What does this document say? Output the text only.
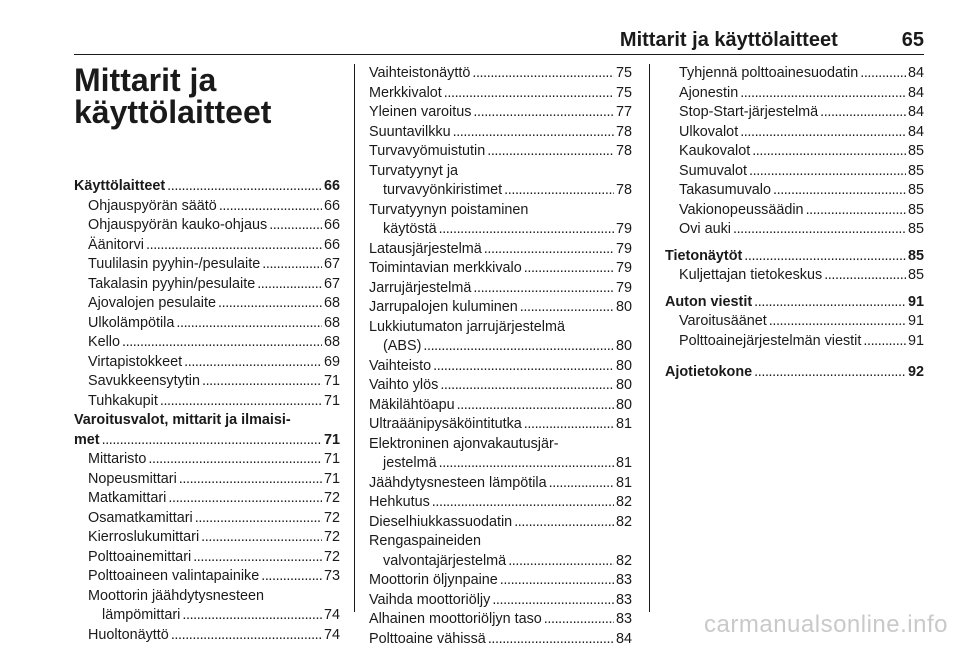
Mittarit ja käyttölaitteet	65
Mittarit ja
käyttölaitteet
Käyttölaitteet . . .	66
Ohjauspyörän säätö . . .	66
Ohjauspyörän kauko-ohjaus . . .	66
Äänitorvi . . .	66
Tuulilasin pyyhin-/pesulaite . . .	67
Takalasin pyyhin/pesulaite . . .	67
Ajovalojen pesulaite . . .	68
Ulkolämpötila . . .	68
Kello . . .	68
Virtapistokkeet . . .	69
Savukkeensytytin . . .	71
Tuhkakupit . . .	71
Varoitusvalot, mittarit ja ilmaisi-
met . . .	71
Mittaristo . . .	71
Nopeusmittari . . .	71
Matkamittari . . .	72
Osamatkamittari . . .	72
Kierroslukumittari . . .	72
Polttoainemittari . . .	72
Polttoaineen valintapainike . . .	73
Moottorin jäähdytysnesteen
lämpömittari . . .	74
Huoltonäyttö . . .	74
Vaihteistonäyttö . . .	75
Merkkivalot . . .	75
Yleinen varoitus . . .	77
Suuntavilkku . . .	78
Turvavyömuistutin . . .	78
Turvatyynyt ja
turvavyönkiristimet . . .	78
Turvatyynyn poistaminen
käytöstä . . .	79
Latausjärjestelmä . . .	79
Toimintavian merkkivalo . . .	79
Jarrujärjestelmä . . .	79
Jarrupalojen kuluminen . . .	80
Lukkiutumaton jarrujärjestelmä
(ABS) . . .	80
Vaihteisto . . .	80
Vaihto ylös . . .	80
Mäkilähtöapu . . .	80
Ultraäänipysäköintitutka . . .	81
Elektroninen ajonvakautusjär-
jestelmä . . .	81
Jäähdytysnesteen lämpötila . . .	81
Hehkutus . . .	82
Dieselhiukkassuodatin . . .	82
Rengaspaineiden
valvontajärjestelmä . . .	82
Moottorin öljynpaine . . .	83
Vaihda moottoriöljy . . .	83
Alhainen moottoriöljyn taso . . .	83
Polttoaine vähissä . . .	84
Tyhjennä polttoainesuodatin . . .	84
Ajonestin . . .	84
Stop-Start-järjestelmä . . .	84
Ulkovalot . . .	84
Kaukovalot . . .	85
Sumuvalot . . .	85
Takasumuvalo . . .	85
Vakionopeussäädin . . .	85
Ovi auki . . .	85
Tietonäytöt . . .	85
Kuljettajan tietokeskus . . .	85
Auton viestit . . .	91
Varoitusäänet . . .	91
Polttoainejärjestelmän viestit . . .	91
Ajotietokone . . .	92
carmanualsonline.info
